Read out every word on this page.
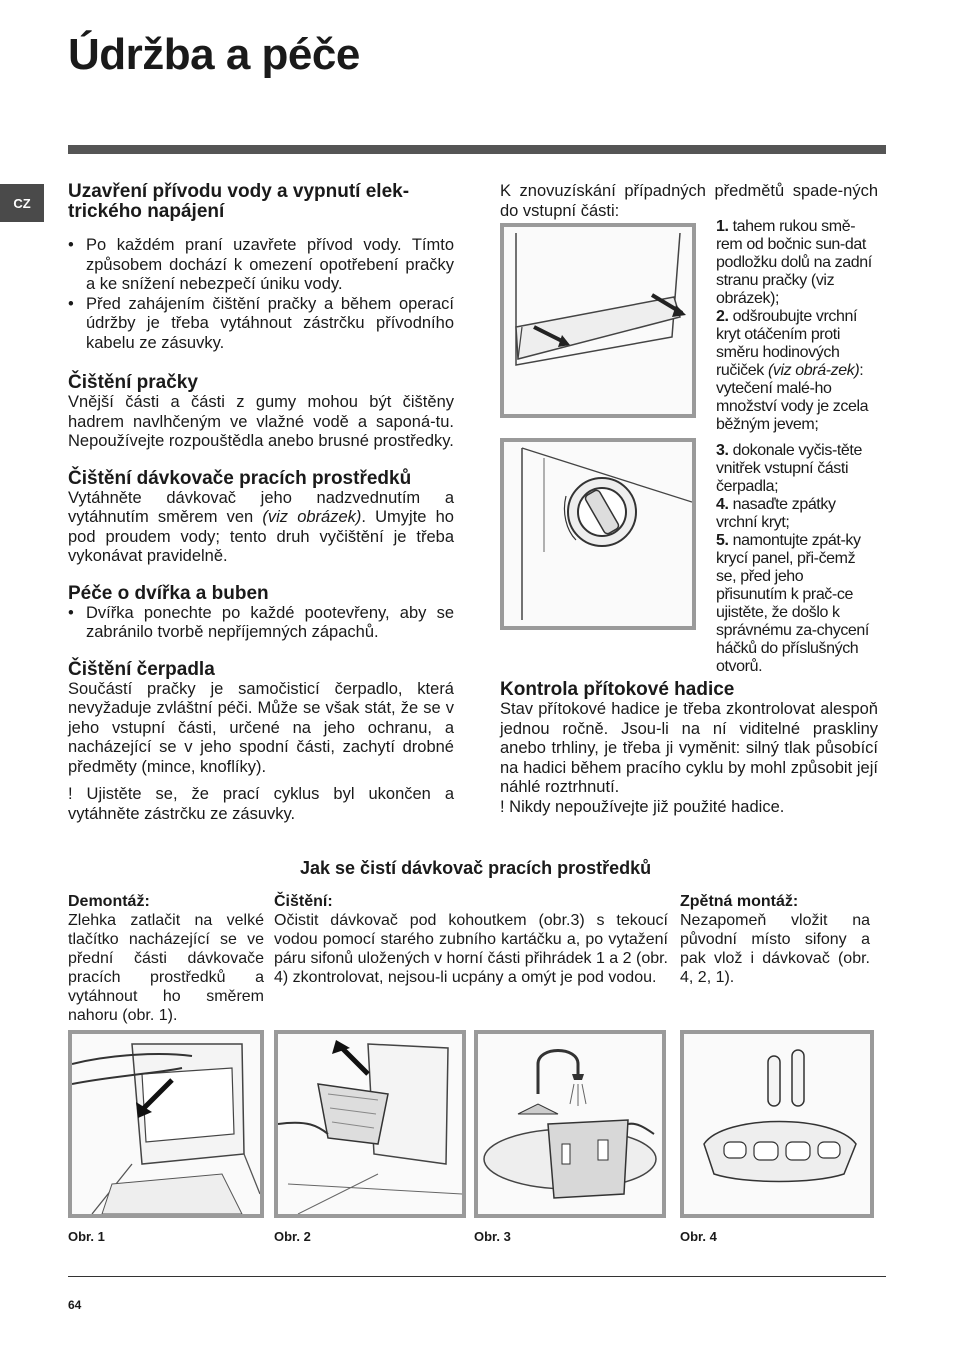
Údržba a péče
CZ
Uzavření přívodu vody a vypnutí elek-trického napájení
• Po každém praní uzavřete přívod vody. Tímto způsobem dochází k omezení opotřebení pračky a ke snížení nebezpečí úniku vody.
• Před zahájením čištění pračky a během operací údržby je třeba vytáhnout zástrčku přívodního kabelu ze zásuvky.
Čištění pračky

Vnější části a části z gumy mohou být čištěny hadrem navlhčeným ve vlažné vodě a saponá-tu. Nepoužívejte rozpouštědla anebo brusné prostředky.

Čištění dávkovače pracích prostředků

Vytáhněte dávkovač jeho nadzvednutím a vytáhnutím směrem ven (viz obrázek). Umyjte ho pod proudem vody; tento druh vyčištění je třeba vykonávat pravidelně.

Péče o dvířka a buben
• Dvířka ponechte po každé pootevřeny, aby se zabránilo tvorbě nepříjemných zápachů.
Čištění čerpadla

Součástí pračky je samočisticí čerpadlo, která nevyžaduje zvláštní péči. Může se však stát, že se v jeho vstupní části, určené na jeho ochranu, a nacházející se v jeho spodní části, zachytí drobné předměty (mince, knoflíky).

! Ujistěte se, že prací cyklus byl ukončen a vytáhněte zástrčku ze zásuvky.

K znovuzískání případných předmětů spade-ných do vstupní části:
1. tahem rukou smě-rem od bočnic sun-dat podložku dolů na zadní stranu pračky (viz obrázek);
2. odšroubujte vrchní kryt otáčením proti směru hodinových ručiček (viz obrá-zek): vytečení malé-ho množství vody je zcela běžným jevem;
3. dokonale vyčis-těte vnitřek vstupní části čerpadla;
4. nasaďte zpátky vrchní kryt;
5. namontujte zpát-ky krycí panel, při-čemž se, před jeho přisunutím k prač-ce ujistěte, že došlo k správnému za-chycení háčků do příslušných otvorů.
Kontrola přítokové hadice

Stav přítokové hadice je třeba zkontrolovat alespoň jednou ročně. Jsou-li na ní viditelné praskliny anebo trhliny, je třeba ji vyměnit: silný tlak působící na hadici během pracího cyklu by mohl způsobit její náhlé roztrhnutí.

! Nikdy nepoužívejte již použité hadice.

Jak se čistí dávkovač pracích prostředků
Demontáž:
Zlehka zatlačit na velké tlačítko nacházející se ve přední části dávkovače pracích prostředků a vytáhnout ho směrem nahoru (obr. 1).
Čištění:
Očistit dávkovač pod kohoutkem (obr.3) s tekoucí vodou pomocí starého zubního kartáčku a, po vytažení páru sifonů uložených v horní části přihrádek 1 a 2 (obr. 4) zkontrolovat, nejsou-li ucpány a omýt je pod vodou.
Zpětná montáž:
Nezapomeň vložit na původní místo sifony a pak vlož i dávkovač (obr. 4, 2, 1).
Obr. 1	Obr. 2	Obr. 3	Obr. 4
64
